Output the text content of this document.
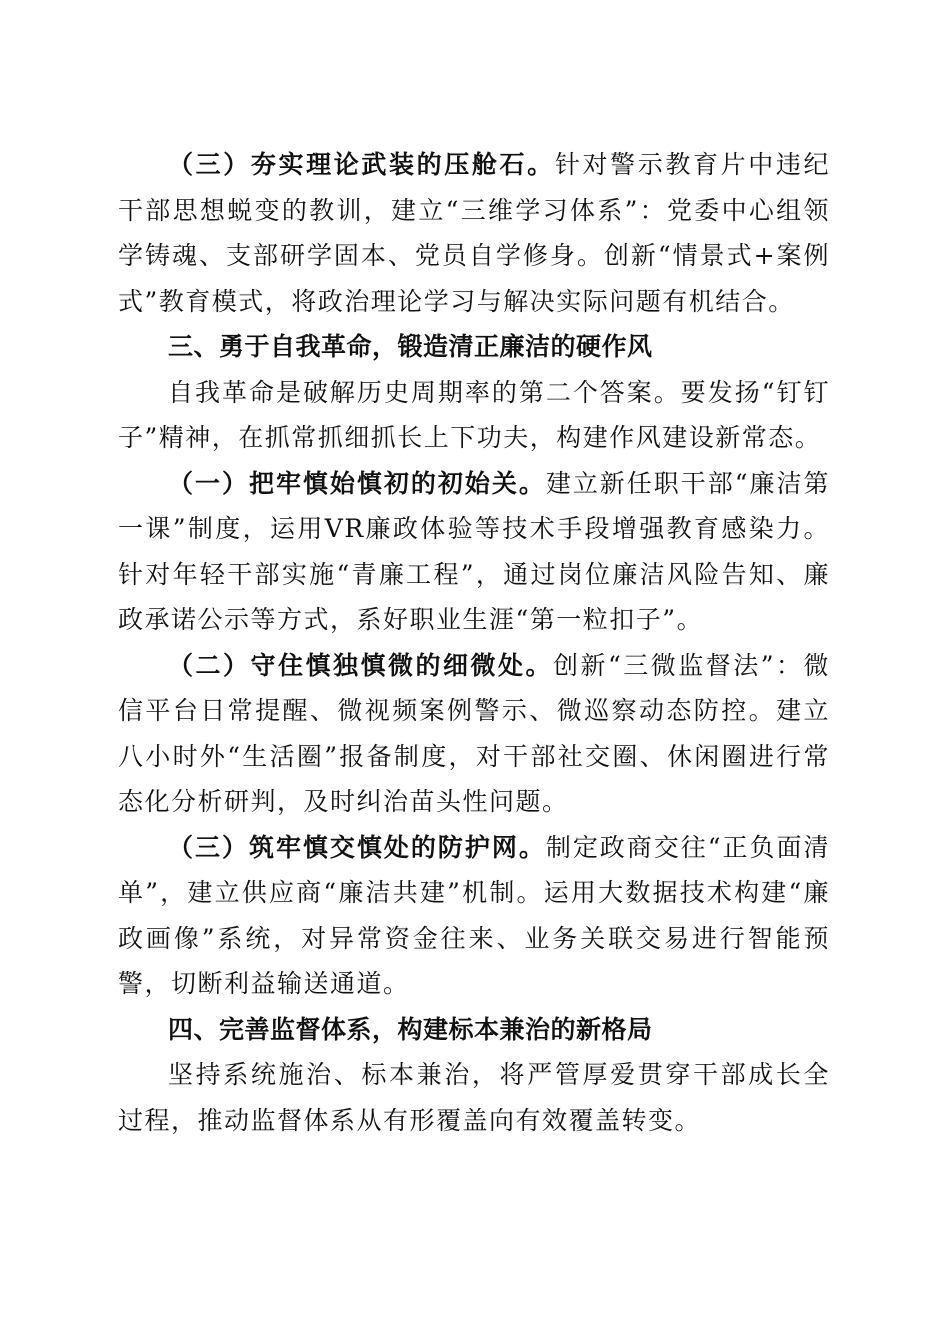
（三）夯实理论武装的压舱石。针对警示教育片中违纪干部思想蜕变的教训，建立“三维学习体系”：党委中心组领学铸魂、支部研学固本、党员自学修身。创新“情景式+案例式”教育模式，将政治理论学习与解决实际问题有机结合。

三、勇于自我革命，锻造清正廉洁的硬作风

自我革命是破解历史周期率的第二个答案。要发扬“钉钉子”精神，在抓常抓细抓长上下功夫，构建作风建设新常态。

（一）把牢慎始慎初的初始关。建立新任职干部“廉洁第一课”制度，运用VR廉政体验等技术手段增强教育感染力。针对年轻干部实施“青廉工程”，通过岗位廉洁风险告知、廉政承诺公示等方式，系好职业生涯“第一粒扣子”。

（二）守住慎独慎微的细微处。创新“三微监督法”：微信平台日常提醒、微视频案例警示、微巡察动态防控。建立八小时外“生活圈”报备制度，对干部社交圈、休闲圈进行常态化分析研判，及时纠治苗头性问题。

（三）筑牢慎交慎处的防护网。制定政商交往“正负面清单”，建立供应商“廉洁共建”机制。运用大数据技术构建“廉政画像”系统，对异常资金往来、业务关联交易进行智能预警，切断利益输送通道。

四、完善监督体系，构建标本兼治的新格局

坚持系统施治、标本兼治，将严管厚爱贯穿干部成长全过程，推动监督体系从有形覆盖向有效覆盖转变。
